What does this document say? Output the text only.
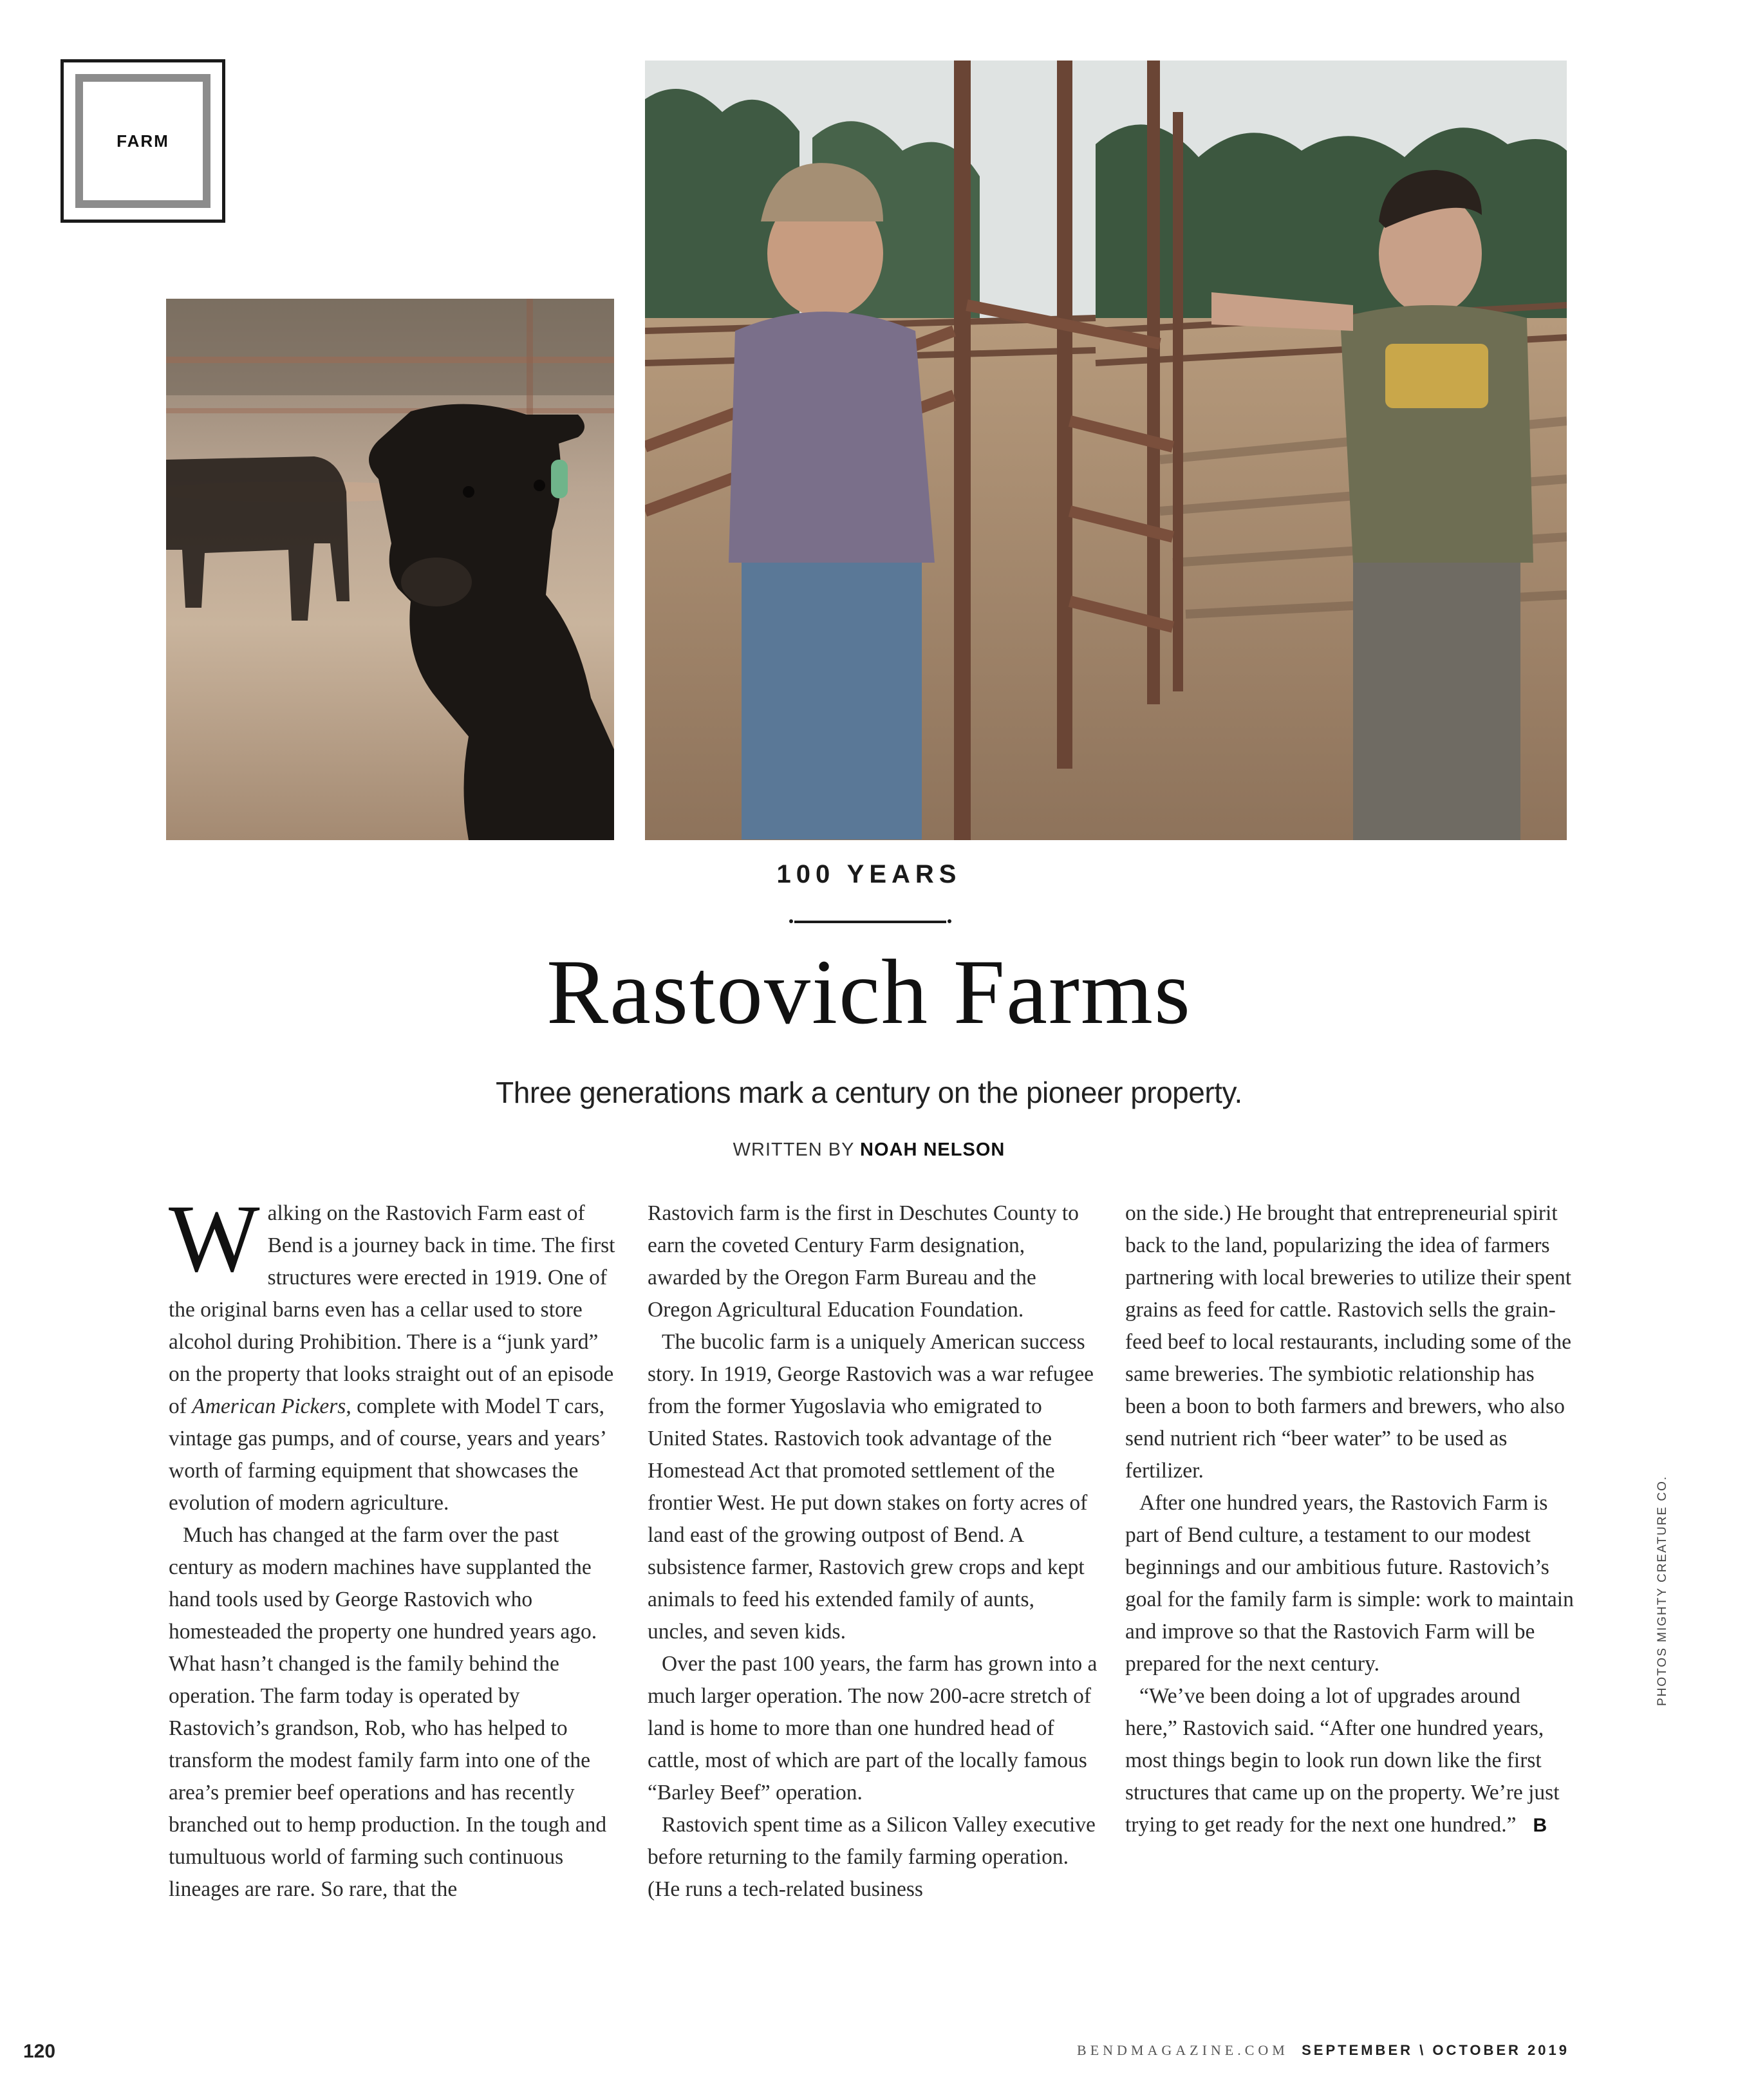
FARM
100 YEARS
Rastovich Farms
Three generations mark a century on the pioneer property.
WRITTEN BY NOAH NELSON

Walking on the Rastovich Farm east of Bend is a journey back in time. The first structures were erected in 1919. One of the original barns even has a cellar used to store alcohol during Prohibition. There is a “junk yard” on the property that looks straight out of an episode of American Pickers, complete with Model T cars, vintage gas pumps, and of course, years and years’ worth of farming equipment that showcases the evolution of modern agriculture.

Much has changed at the farm over the past century as modern machines have supplanted the hand tools used by George Rastovich who homesteaded the property one hundred years ago. What hasn’t changed is the family behind the operation. The farm today is operated by Rastovich’s grandson, Rob, who has helped to transform the modest family farm into one of the area’s premier beef operations and has recently branched out to hemp production. In the tough and tumultuous world of farming such continuous lineages are rare. So rare, that the

Rastovich farm is the first in Deschutes County to earn the coveted Century Farm designation, awarded by the Oregon Farm Bureau and the Oregon Agricultural Education Foundation.

The bucolic farm is a uniquely American success story. In 1919, George Rastovich was a war refugee from the former Yugoslavia who emigrated to United States. Rastovich took advantage of the Homestead Act that promoted settlement of the frontier West. He put down stakes on forty acres of land east of the growing outpost of Bend. A subsistence farmer, Rastovich grew crops and kept animals to feed his extended family of aunts, uncles, and seven kids.

Over the past 100 years, the farm has grown into a much larger operation. The now 200-acre stretch of land is home to more than one hundred head of cattle, most of which are part of the locally famous “Barley Beef” operation.

Rastovich spent time as a Silicon Valley executive before returning to the family farming operation. (He runs a tech-related business

on the side.) He brought that entrepreneurial spirit back to the land, popularizing the idea of farmers partnering with local breweries to utilize their spent grains as feed for cattle. Rastovich sells the grain-feed beef to local restaurants, including some of the same breweries. The symbiotic relationship has been a boon to both farmers and brewers, who also send nutrient rich “beer water” to be used as fertilizer.

After one hundred years, the Rastovich Farm is part of Bend culture, a testament to our modest beginnings and our ambitious future. Rastovich’s goal for the family farm is simple: work to maintain and improve so that the Rastovich Farm will be prepared for the next century.

“We’ve been doing a lot of upgrades around here,” Rastovich said. “After one hundred years, most things begin to look run down like the first structures that came up on the property. We’re just trying to get ready for the next one hundred.” B

PHOTOS MIGHTY CREATURE CO.
120	BENDMAGAZINE.COM SEPTEMBER \ OCTOBER 2019
